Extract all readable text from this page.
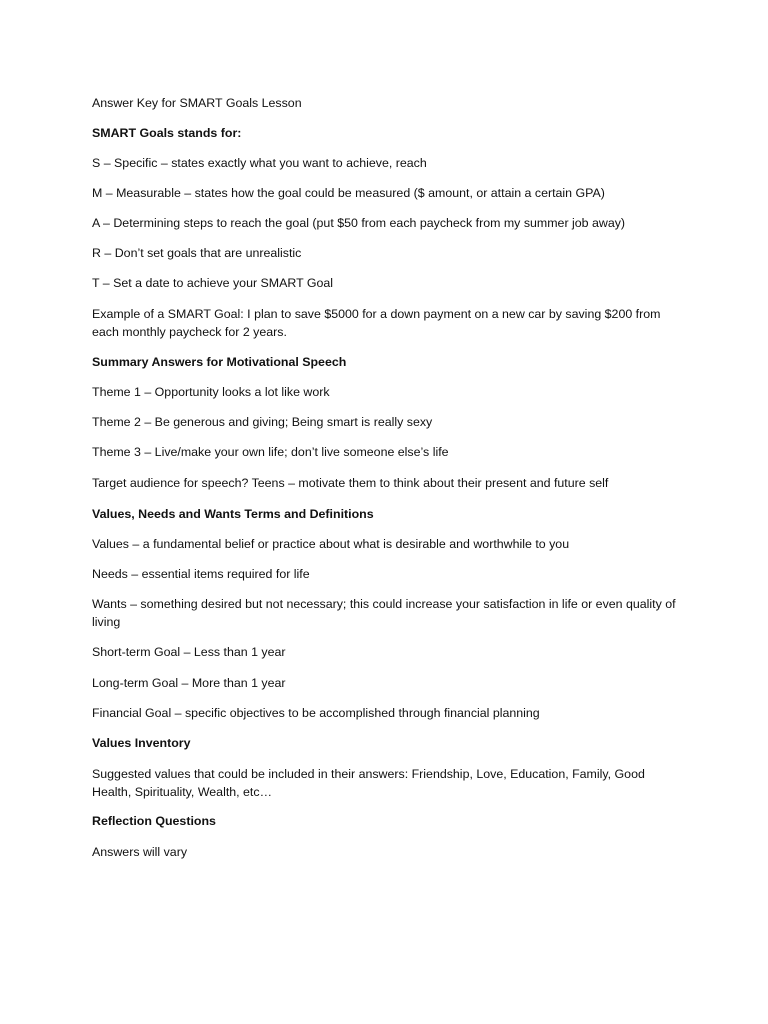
Answer Key for SMART Goals Lesson
SMART Goals stands for:
S – Specific – states exactly what you want to achieve, reach
M – Measurable – states how the goal could be measured ($ amount, or attain a certain GPA)
A – Determining steps to reach the goal (put $50 from each paycheck from my summer job away)
R – Don’t set goals that are unrealistic
T – Set a date to achieve your SMART Goal
Example of a SMART Goal: I plan to save $5000 for a down payment on a new car by saving $200 from each monthly paycheck for 2 years.
Summary Answers for Motivational Speech
Theme 1 – Opportunity looks a lot like work
Theme 2 – Be generous and giving; Being smart is really sexy
Theme 3 – Live/make your own life; don’t live someone else’s life
Target audience for speech? Teens – motivate them to think about their present and future self
Values, Needs and Wants Terms and Definitions
Values – a fundamental belief or practice about what is desirable and worthwhile to you
Needs – essential items required for life
Wants – something desired but not necessary; this could increase your satisfaction in life or even quality of living
Short-term Goal – Less than 1 year
Long-term Goal – More than 1 year
Financial Goal – specific objectives to be accomplished through financial planning
Values Inventory
Suggested values that could be included in their answers: Friendship, Love, Education, Family, Good Health, Spirituality, Wealth, etc…
Reflection Questions
Answers will vary
